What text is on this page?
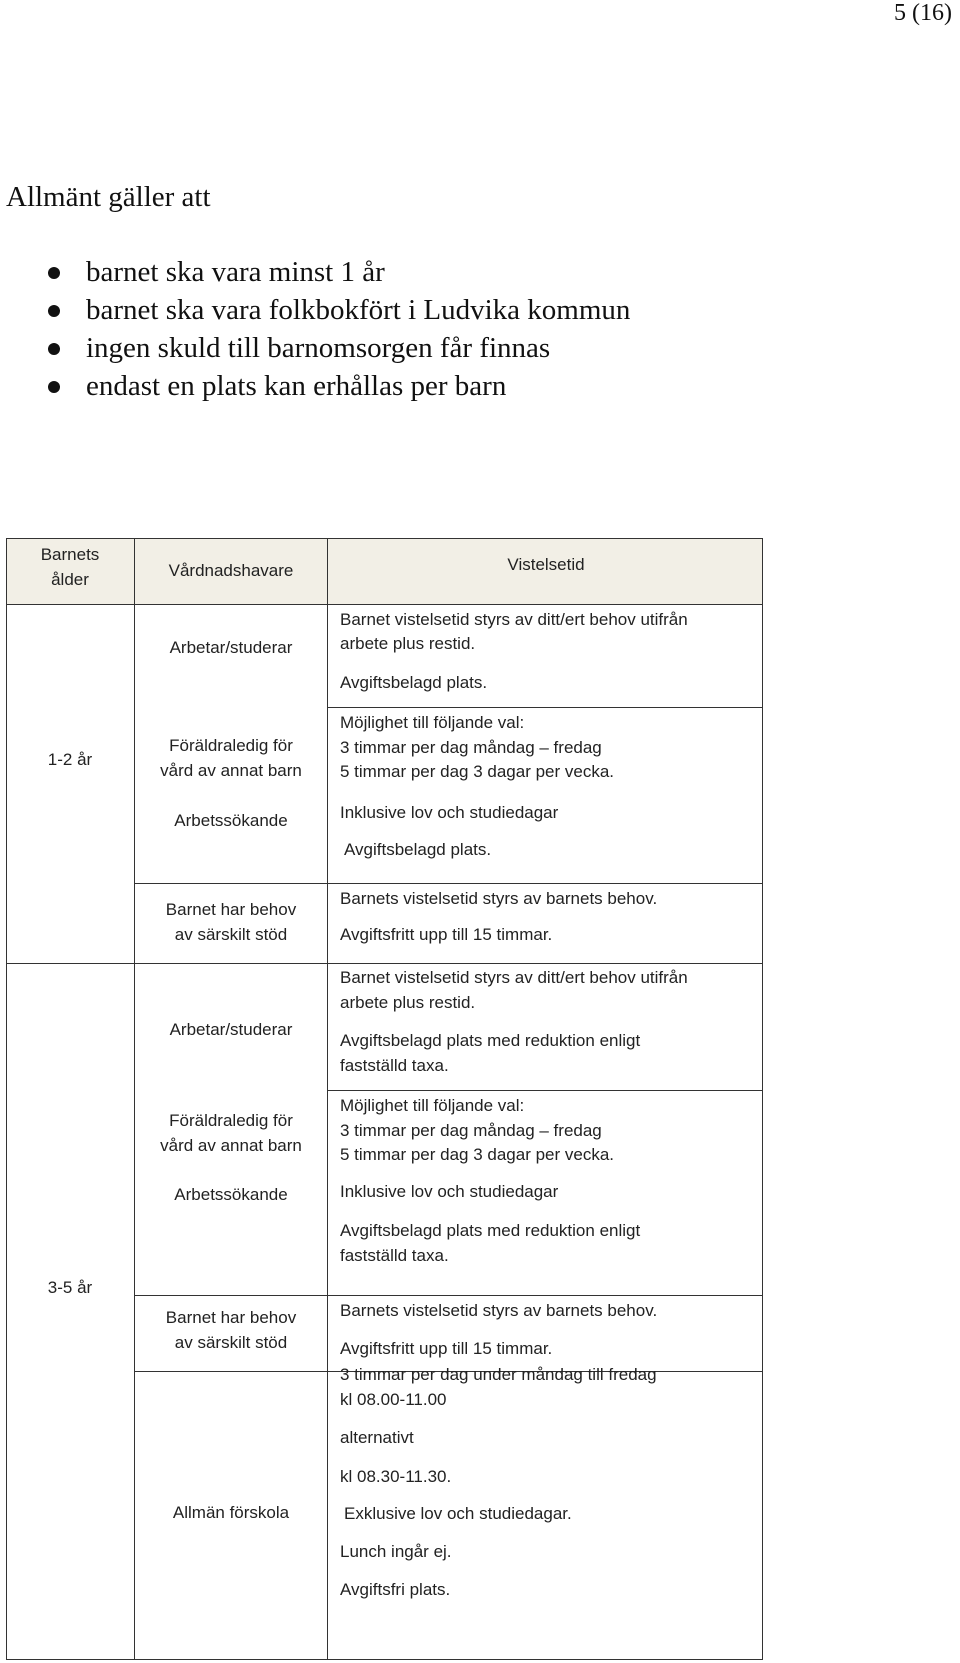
5 (16)
Allmänt gäller att
barnet ska vara minst 1 år
barnet ska vara folkbokfört i Ludvika kommun
ingen skuld till barnomsorgen får finnas
endast en plats kan erhållas per barn
Barnets
ålder	Vårdnadshavare	Vistelsetid
1-2 år
3-5 år
Arbetar/studerar
Föräldraledig för
vård av annat barn
Arbetssökande
Barnet har behov
av särskilt stöd
Barnet vistelsetid styrs av ditt/ert behov utifrån
arbete plus restid.
Avgiftsbelagd plats.
Möjlighet till följande val:
3 timmar per dag måndag – fredag
5 timmar per dag 3 dagar per vecka.
Inklusive lov och studiedagar
Avgiftsbelagd plats.
Barnets vistelsetid styrs av barnets behov.
Avgiftsfritt upp till 15 timmar.
Arbetar/studerar
Föräldraledig för
vård av annat barn
Arbetssökande
Barnet har behov
av särskilt stöd
Allmän förskola
Barnet vistelsetid styrs av ditt/ert behov utifrån
arbete plus restid.
Avgiftsbelagd plats med reduktion enligt
fastställd taxa.
Möjlighet till följande val:
3 timmar per dag måndag – fredag
5 timmar per dag 3 dagar per vecka.
Inklusive lov och studiedagar
Avgiftsbelagd plats med reduktion enligt
fastställd taxa.
Barnets vistelsetid styrs av barnets behov.
Avgiftsfritt upp till 15 timmar.
3 timmar per dag under måndag till fredag
kl 08.00-11.00
alternativt
kl 08.30-11.30.
Exklusive lov och studiedagar.
Lunch ingår ej.
Avgiftsfri plats.
